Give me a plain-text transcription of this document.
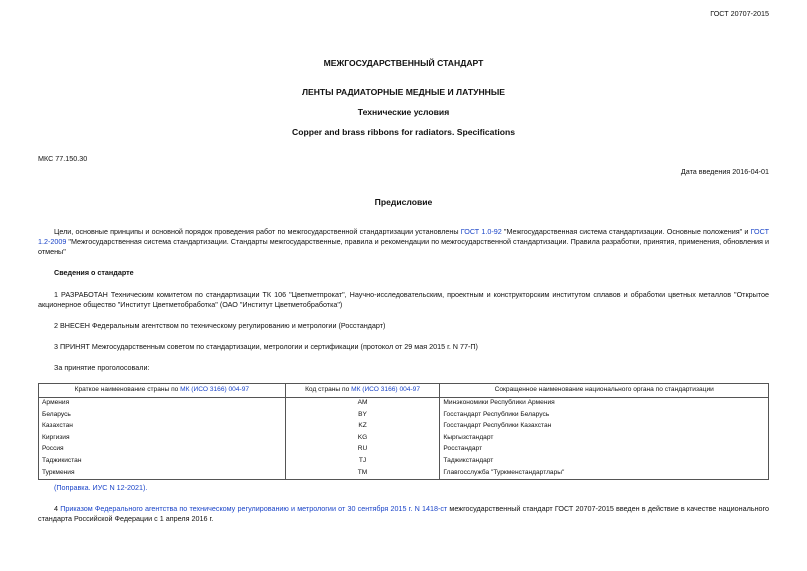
ГОСТ 20707-2015
МЕЖГОСУДАРСТВЕННЫЙ СТАНДАРТ
ЛЕНТЫ РАДИАТОРНЫЕ МЕДНЫЕ И ЛАТУННЫЕ
Технические условия
Copper and brass ribbons for radiators. Specifications
МКС 77.150.30
Дата введения 2016-04-01
Предисловие
Цели, основные принципы и основной порядок проведения работ по межгосударственной стандартизации установлены ГОСТ 1.0-92 "Межгосударственная система стандартизации. Основные положения" и ГОСТ 1.2-2009 "Межгосударственная система стандартизации. Стандарты межгосударственные, правила и рекомендации по межгосударственной стандартизации. Правила разработки, принятия, применения, обновления и отмены"
Сведения о стандарте
1 РАЗРАБОТАН Техническим комитетом по стандартизации ТК 106 "Цветметпрокат", Научно-исследовательским, проектным и конструкторским институтом сплавов и обработки цветных металлов "Открытое акционерное общество "Институт Цветметобработка" (ОАО "Институт Цветметобработка")
2 ВНЕСЕН Федеральным агентством по техническому регулированию и метрологии (Росстандарт)
3 ПРИНЯТ Межгосударственным советом по стандартизации, метрологии и сертификации (протокол от 29 мая 2015 г. N 77-П)
За принятие проголосовали:
Краткое наименование страны по МК (ИСО 3166) 004-97	Код страны по МК (ИСО 3166) 004-97	Сокращенное наименование национального органа по стандартизации
Армения	AM	Минэкономики Республики Армения
Беларусь	BY	Госстандарт Республики Беларусь
Казахстан	KZ	Госстандарт Республики Казахстан
Киргизия	KG	Кыргызстандарт
Россия	RU	Росстандарт
Таджикистан	TJ	Таджикстандарт
Туркмения	TM	Главгосслужба "Туркменстандартлары"
(Поправка. ИУС N 12-2021).
4 Приказом Федерального агентства по техническому регулированию и метрологии от 30 сентября 2015 г. N 1418-ст межгосударственный стандарт ГОСТ 20707-2015 введен в действие в качестве национального стандарта Российской Федерации с 1 апреля 2016 г.
